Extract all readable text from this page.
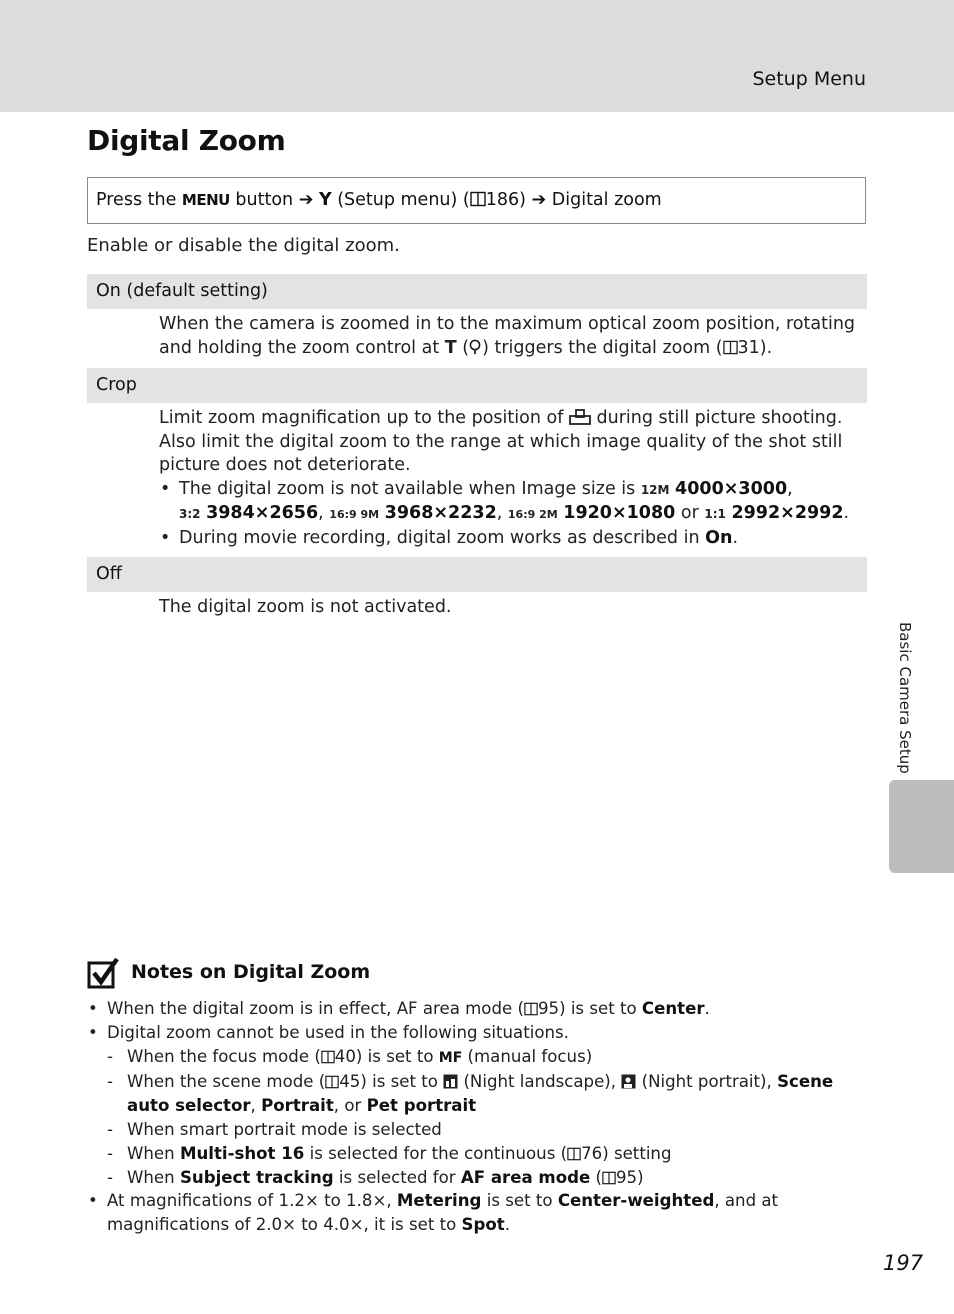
Setup Menu
Digital Zoom
Press the MENU button ➔ Y (Setup menu) ( 186) ➔ Digital zoom
Enable or disable the digital zoom.
On (default setting)

When the camera is zoomed in to the maximum optical zoom position, rotating and holding the zoom control at T ( ) triggers the digital zoom ( 31).

Crop

Limit zoom magnification up to the position of  during still picture shooting. Also limit the digital zoom to the range at which image quality of the shot still picture does not deteriorate.

• The digital zoom is not available when Image size is 12M 4000×3000,
3:2 3984×2656, 16:9 9M 3968×2232, 16:9 2M 1920×1080 or 1:1 2992×2992.
• During movie recording, digital zoom works as described in On.
Off
The digital zoom is not activated.
Notes on Digital Zoom
• When the digital zoom is in effect, AF area mode ( 95) is set to Center.
• Digital zoom cannot be used in the following situations.
- When the focus mode ( 40) is set to MF (manual focus)
- When the scene mode ( 45) is set to  (Night landscape),  (Night portrait), Scene auto selector, Portrait, or Pet portrait
- When smart portrait mode is selected
- When Multi-shot 16 is selected for the continuous ( 76) setting
- When Subject tracking is selected for AF area mode ( 95)
• At magnifications of 1.2× to 1.8×, Metering is set to Center-weighted, and at magnifications of 2.0× to 4.0×, it is set to Spot.
Basic Camera Setup
197
